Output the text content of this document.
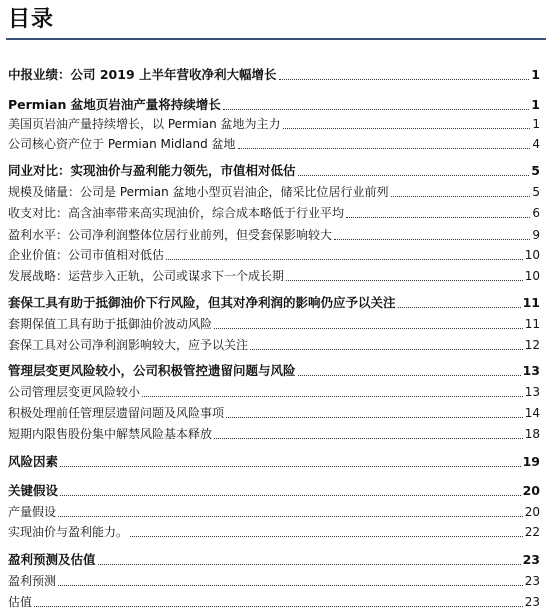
目录
中报业绩：公司 2019 上半年营收净利大幅增长	1
Permian 盆地页岩油产量将持续增长	1
美国页岩油产量持续增长，以 Permian 盆地为主力	1
公司核心资产位于 Permian Midland 盆地	4
同业对比：实现油价与盈利能力领先，市值相对低估	5
规模及储量：公司是 Permian 盆地小型页岩油企，储采比位居行业前列	5
收支对比：高含油率带来高实现油价，综合成本略低于行业平均	6
盈利水平：公司净利润整体位居行业前列，但受套保影响较大	9
企业价值：公司市值相对低估	10
发展战略：运营步入正轨，公司或谋求下一个成长期	10
套保工具有助于抵御油价下行风险，但其对净利润的影响仍应予以关注	11
套期保值工具有助于抵御油价波动风险	11
套保工具对公司净利润影响较大，应予以关注	12
管理层变更风险较小，公司积极管控遗留问题与风险	13
公司管理层变更风险较小	13
积极处理前任管理层遗留问题及风险事项	14
短期内限售股份集中解禁风险基本释放	18
风险因素	19
关键假设	20
产量假设	20
实现油价与盈利能力。	22
盈利预测及估值	23
盈利预测	23
估值	23
